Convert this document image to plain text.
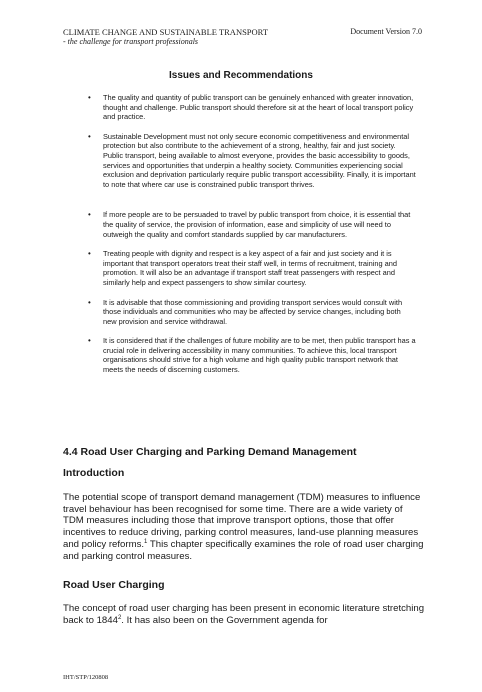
CLIMATE CHANGE AND SUSTAINABLE TRANSPORT
- the challenge for transport professionals
Document Version 7.0
Issues and Recommendations
• The quality and quantity of public transport can be genuinely enhanced with greater innovation, thought and challenge. Public transport should therefore sit at the heart of local transport policy and practice.
• Sustainable Development must not only secure economic competitiveness and environmental protection but also contribute to the achievement of a strong, healthy, fair and just society. Public transport, being available to almost everyone, provides the basic accessibility to goods, services and opportunities that underpin a healthy society. Communities experiencing social exclusion and deprivation particularly require public transport accessibility. Finally, it is important to note that where car use is constrained public transport thrives.
• If more people are to be persuaded to travel by public transport from choice, it is essential that the quality of service, the provision of information, ease and simplicity of use will need to outweigh the quality and comfort standards supplied by car manufacturers.
• Treating people with dignity and respect is a key aspect of a fair and just society and it is important that transport operators treat their staff well, in terms of recruitment, training and promotion. It will also be an advantage if transport staff treat passengers with respect and similarly help and expect passengers to show similar courtesy.
• It is advisable that those commissioning and providing transport services would consult with those individuals and communities who may be affected by service changes, including both new provision and service withdrawal.
• It is considered that if the challenges of future mobility are to be met, then public transport has a crucial role in delivering accessibility in many communities. To achieve this, local transport organisations should strive for a high volume and high quality public transport network that meets the needs of discerning customers.
4.4 Road User Charging and Parking Demand Management
Introduction
The potential scope of transport demand management (TDM) measures to influence travel behaviour has been recognised for some time. There are a wide variety of TDM measures including those that improve transport options, those that offer incentives to reduce driving, parking control measures, land-use planning measures and policy reforms.$^1$ This chapter specifically examines the role of road user charging and parking control measures.
Road User Charging
The concept of road user charging has been present in economic literature stretching back to 1844$^2$. It has also been on the Government agenda for
IHT/STP/120808
